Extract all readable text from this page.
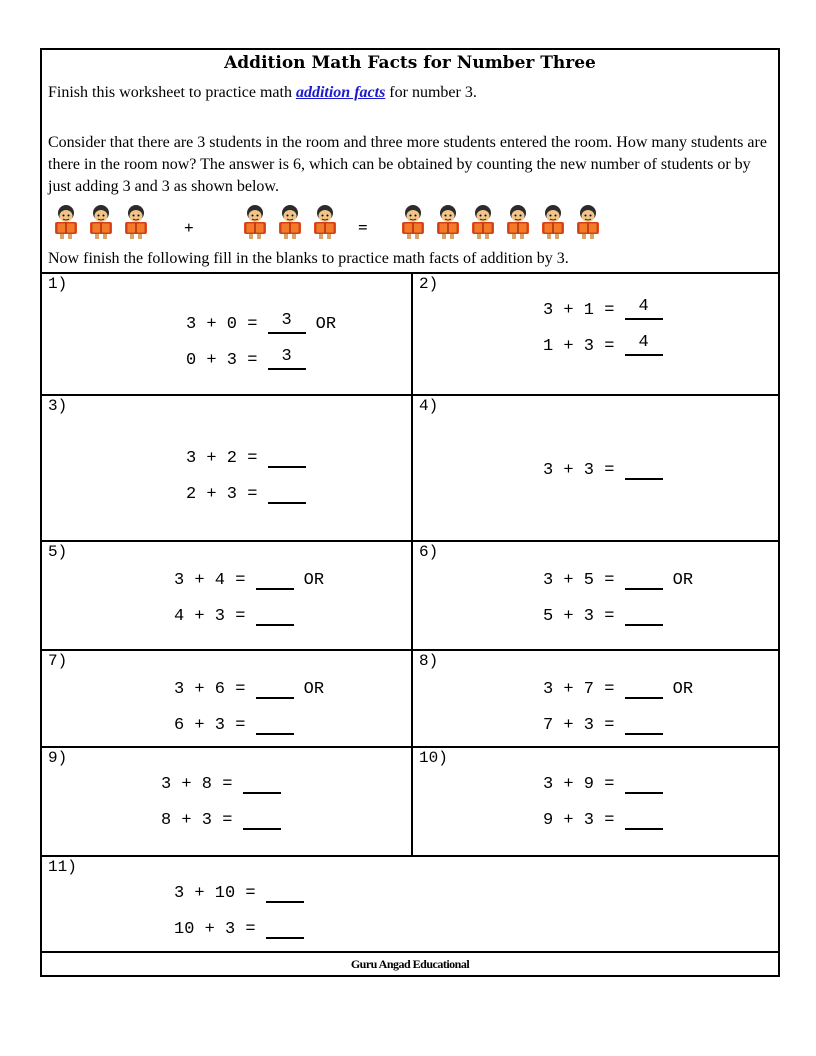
Addition Math Facts for Number Three
Finish this worksheet to practice math addition facts for number 3.
Consider that there are 3 students in the room and three more students entered the room. How many students are there in the room now? The answer is 6, which can be obtained by counting the new number of students or by just adding 3 and 3 as shown below.
+	=
Now finish the following fill in the blanks to practice math facts of addition by 3.
1)
3 + 0 = 3 OR
0 + 3 = 3
2)
3 + 1 = 4
1 + 3 = 4
3)
3 + 2 =
2 + 3 =
4)
3 + 3 =
5)
3 + 4 =	OR
4 + 3 =
6)
3 + 5 =	OR
5 + 3 =
7)
3 + 6 =	OR
6 + 3 =
8)
3 + 7 =	OR
7 + 3 =
9)
3 + 8 =
8 + 3 =
10)
3 + 9 =
9 + 3 =
11)
3 + 10 =
10 + 3 =
Guru Angad Educational
